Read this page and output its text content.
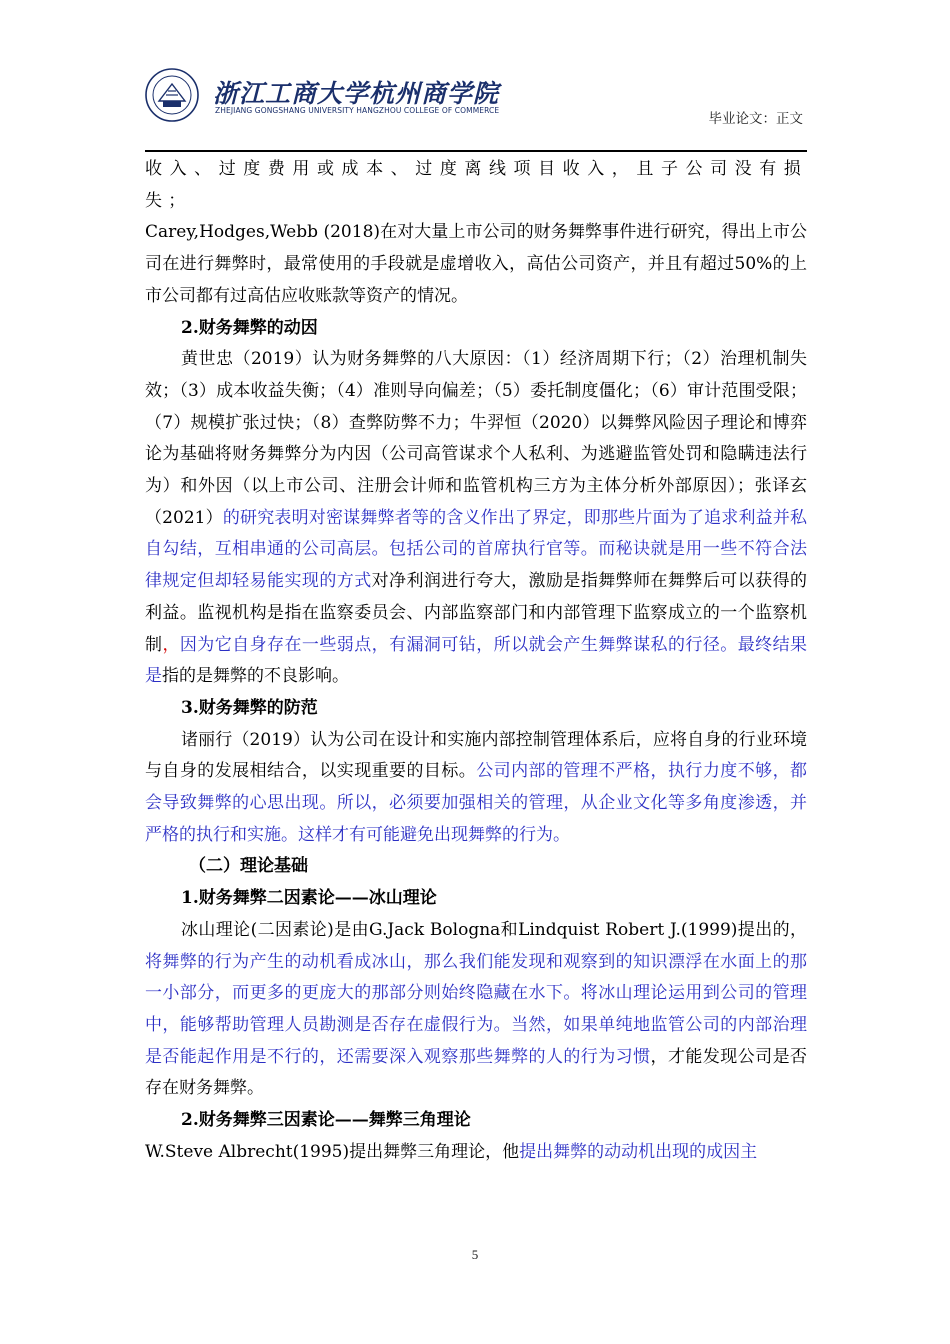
浙江工商大学杭州商学院
ZHEJIANG GONGSHANG UNIVERSITY HANGZHOU COLLEGE OF COMMERCE
毕业论文：正文

收入、过度费用或成本、过度离线项目收入，且子公司没有损失；

Carey,Hodges,Webb (2018)在对大量上市公司的财务舞弊事件进行研究，得出上市公司在进行舞弊时，最常使用的手段就是虚增收入，高估公司资产，并且有超过50%的上市公司都有过高估应收账款等资产的情况。

2.财务舞弊的动因

黄世忠（2019）认为财务舞弊的八大原因：（1）经济周期下行；（2）治理机制失效；（3）成本收益失衡；（4）准则导向偏差；（5）委托制度僵化；（6）审计范围受限；（7）规模扩张过快；（8）查弊防弊不力；牛羿恒（2020）以舞弊风险因子理论和博弈论为基础将财务舞弊分为内因（公司高管谋求个人私利、为逃避监管处罚和隐瞒违法行为）和外因（以上市公司、注册会计师和监管机构三方为主体分析外部原因）；张译玄（2021）的研究表明对密谋舞弊者等的含义作出了界定，即那些片面为了追求利益并私自勾结，互相串通的公司高层。包括公司的首席执行官等。而秘诀就是用一些不符合法律规定但却轻易能实现的方式对净利润进行夸大，激励是指舞弊师在舞弊后可以获得的利益。监视机构是指在监察委员会、内部监察部门和内部管理下监察成立的一个监察机制，因为它自身存在一些弱点，有漏洞可钻，所以就会产生舞弊谋私的行径。最终结果是指的是舞弊的不良影响。

3.财务舞弊的防范

诸丽行（2019）认为公司在设计和实施内部控制管理体系后，应将自身的行业环境与自身的发展相结合，以实现重要的目标。公司内部的管理不严格，执行力度不够，都会导致舞弊的心思出现。所以，必须要加强相关的管理，从企业文化等多角度渗透，并严格的执行和实施。这样才有可能避免出现舞弊的行为。

（二）理论基础

1.财务舞弊二因素论——冰山理论

冰山理论(二因素论)是由G.Jack Bologna和Lindquist Robert J.(1999)提出的，将舞弊的行为产生的动机看成冰山，那么我们能发现和观察到的知识漂浮在水面上的那一小部分，而更多的更庞大的那部分则始终隐藏在水下。将冰山理论运用到公司的管理中，能够帮助管理人员勘测是否存在虚假行为。当然，如果单纯地监管公司的内部治理是否能起作用是不行的，还需要深入观察那些舞弊的人的行为习惯，才能发现公司是否存在财务舞弊。

2.财务舞弊三因素论——舞弊三角理论

W.Steve Albrecht(1995)提出舞弊三角理论，他提出舞弊的动动机出现的成因主

5
